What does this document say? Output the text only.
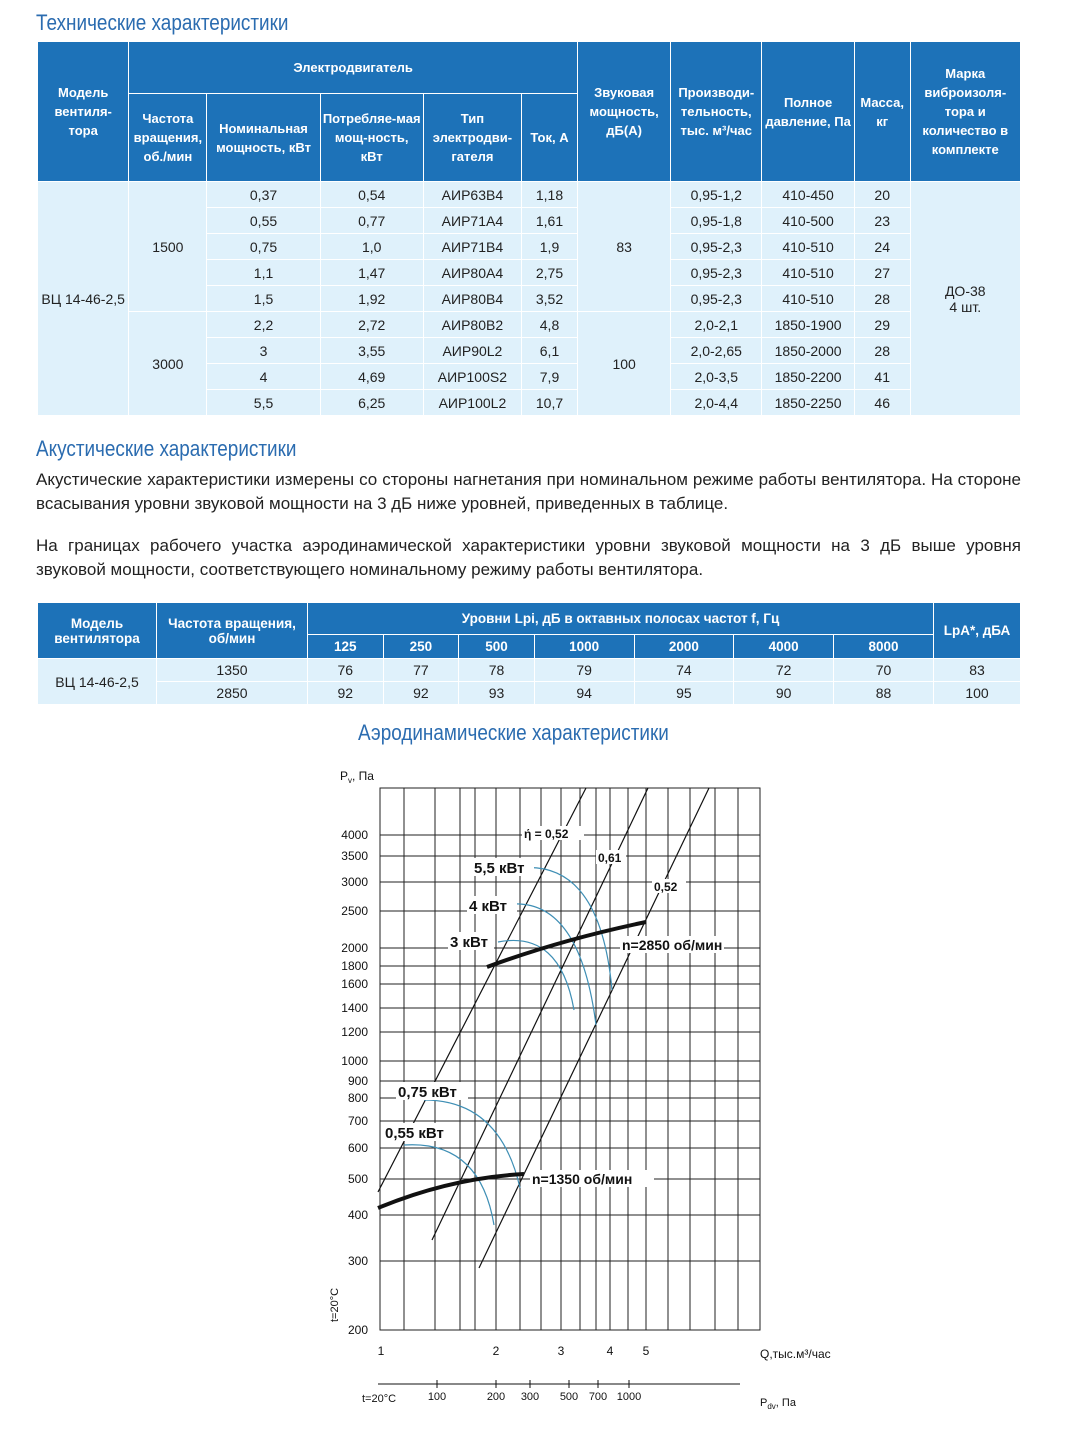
Технические характеристики
Модель вентиля-тора	Электродвигатель					Звуковая мощность, дБ(А)	Производи-тельность, тыс. м³/час	Полное давление, Па	Масса, кг	Марка виброизоля-тора и количество в комплекте
	Частота вращения, об./мин	Номинальная мощность, кВт	Потребляе-мая мощ-ность, кВт	Тип электродви-гателя	Ток, А					
ВЦ 14-46-2,5	1500	0,37	0,54	АИР63В4	1,18	83	0,95-1,2	410-450	20	ДО-38
4 шт.
		0,55	0,77	АИР71А4	1,61		0,95-1,8	410-500	23	
		0,75	1,0	АИР71В4	1,9		0,95-2,3	410-510	24	
		1,1	1,47	АИР80А4	2,75		0,95-2,3	410-510	27	
		1,5	1,92	АИР80В4	3,52		0,95-2,3	410-510	28	
	3000	2,2	2,72	АИР80В2	4,8	100	2,0-2,1	1850-1900	29	
		3	3,55	АИР90L2	6,1		2,0-2,65	1850-2000	28	
		4	4,69	АИР100S2	7,9		2,0-3,5	1850-2200	41	
		5,5	6,25	АИР100L2	10,7		2,0-4,4	1850-2250	46	
Акустические характеристики
Акустические характеристики измерены со стороны нагнетания при номинальном режиме работы вентилятора. На стороне всасывания уровни звуковой мощности на 3 дБ ниже уровней, приведенных в таблице.
На границах рабочего участка аэродинамической характеристики уровни звуковой мощности на 3 дБ выше уровня звуковой мощности, соответствующего номинальному режиму работы вентилятора.
Модель вентилятора	Частота вращения, об/мин	Уровни Lpi, дБ в октавных полосах частот f, Гц							LpA*, дБА
		125	250	500	1000	2000	4000	8000	
ВЦ 14-46-2,5	1350	76	77	78	79	74	72	70	83
	2850	92	92	93	94	95	90	88	100
Аэродинамические характеристики
4000
3500
3000
2500
2000
1800
1600
1400
1200
1000
900
800
700
600
500
400
300
200
$P_v$, Па
t=20°C
1	2	3	4 5	Q,тыс.м³/час
t=20°C	100	200 300 500 700 1000	$P_{dv}$, Па
ή = 0,52
0,61
0,52
5,5 кВт
4 кВт
3 кВт
0,75 кВт
0,55 кВт
n=2850 об/мин
n=1350 об/мин
